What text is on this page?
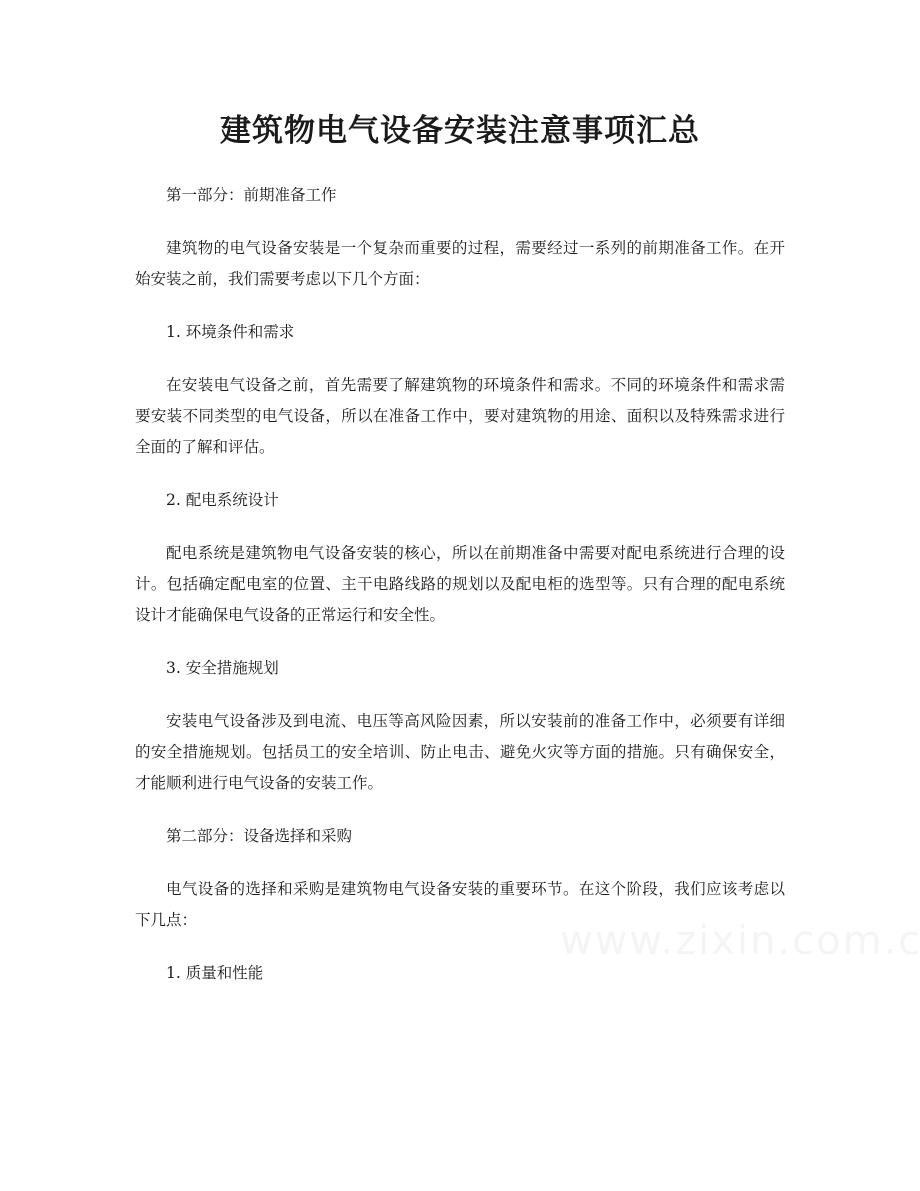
建筑物电气设备安装注意事项汇总

第一部分：前期准备工作

建筑物的电气设备安装是一个复杂而重要的过程，需要经过一系列的前期准备工作。在开始安装之前，我们需要考虑以下几个方面：

1. 环境条件和需求

在安装电气设备之前，首先需要了解建筑物的环境条件和需求。不同的环境条件和需求需要安装不同类型的电气设备，所以在准备工作中，要对建筑物的用途、面积以及特殊需求进行全面的了解和评估。

2. 配电系统设计

配电系统是建筑物电气设备安装的核心，所以在前期准备中需要对配电系统进行合理的设计。包括确定配电室的位置、主干电路线路的规划以及配电柜的选型等。只有合理的配电系统设计才能确保电气设备的正常运行和安全性。

3. 安全措施规划

安装电气设备涉及到电流、电压等高风险因素，所以安装前的准备工作中，必须要有详细的安全措施规划。包括员工的安全培训、防止电击、避免火灾等方面的措施。只有确保安全，才能顺利进行电气设备的安装工作。

第二部分：设备选择和采购

电气设备的选择和采购是建筑物电气设备安装的重要环节。在这个阶段，我们应该考虑以下几点：

1. 质量和性能
